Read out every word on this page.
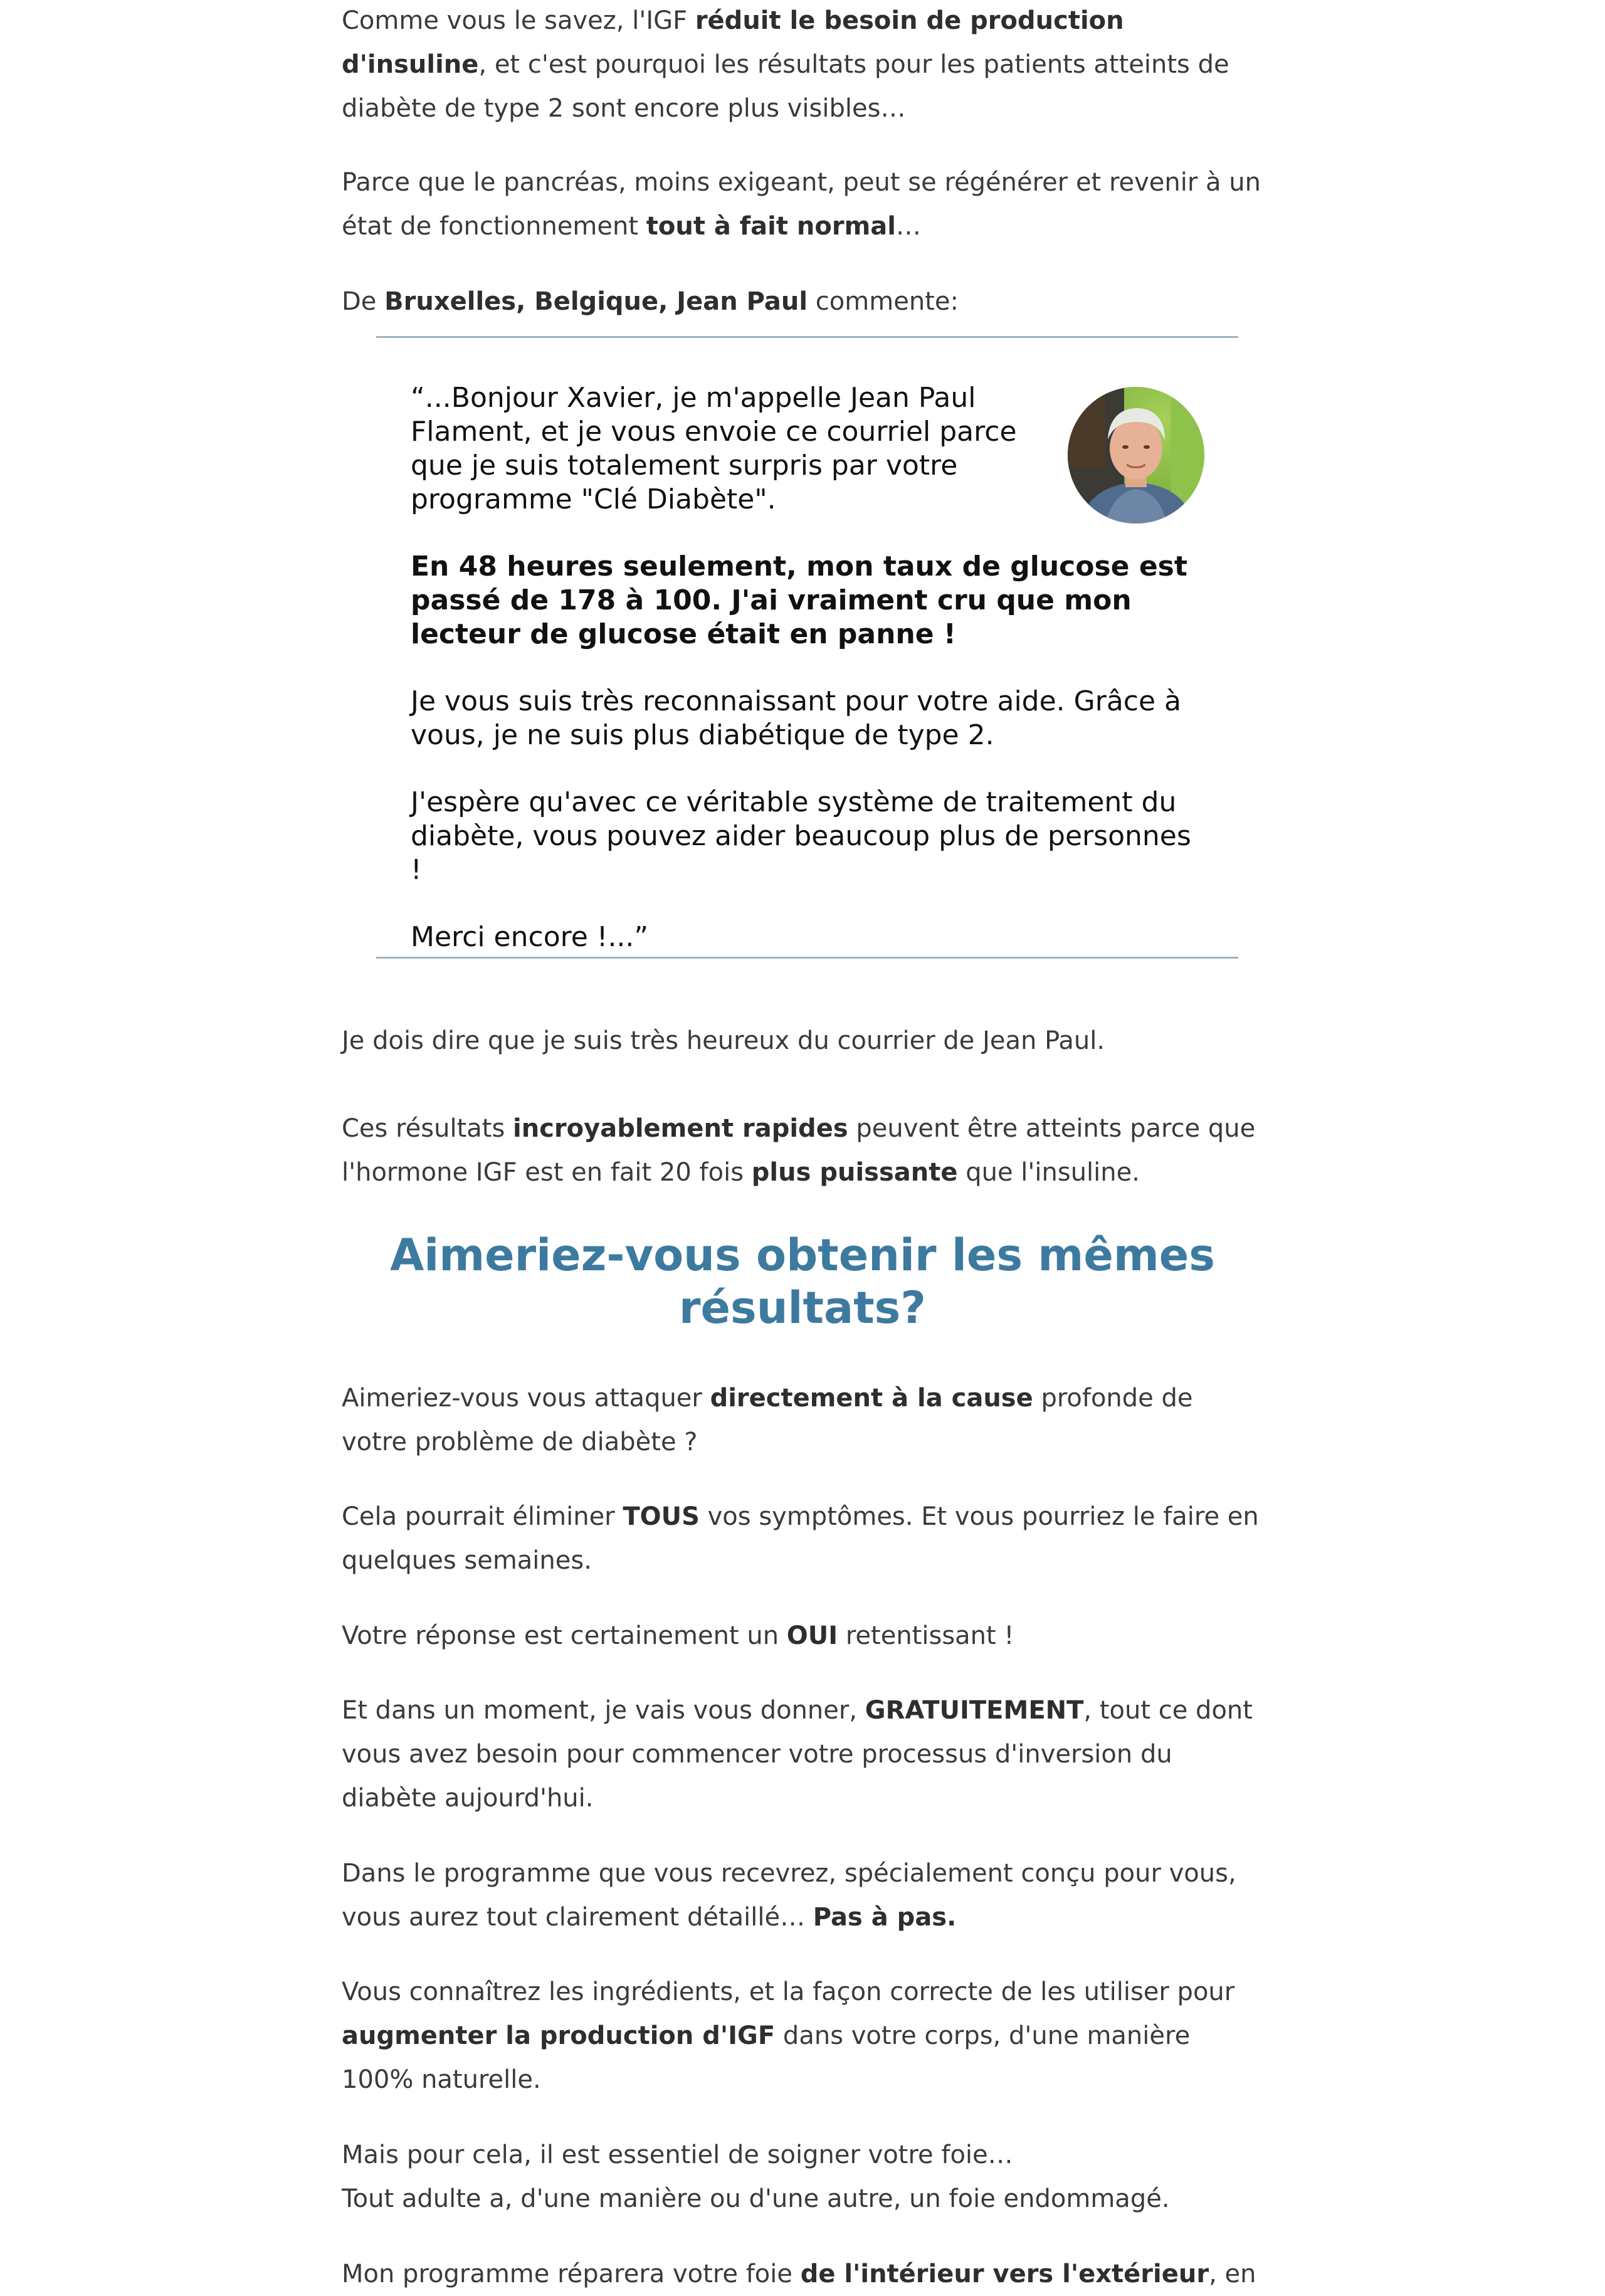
Comme vous le savez, l'IGF réduit le besoin de production d'insuline, et c'est pourquoi les résultats pour les patients atteints de diabète de type 2 sont encore plus visibles…

Parce que le pancréas, moins exigeant, peut se régénérer et revenir à un état de fonctionnement tout à fait normal…

De Bruxelles, Belgique, Jean Paul commente:

“...Bonjour Xavier, je m'appelle Jean Paul Flament, et je vous envoie ce courriel parce que je suis totalement surpris par votre programme "Clé Diabète".

En 48 heures seulement, mon taux de glucose est passé de 178 à 100. J'ai vraiment cru que mon lecteur de glucose était en panne !

Je vous suis très reconnaissant pour votre aide. Grâce à vous, je ne suis plus diabétique de type 2.

J'espère qu'avec ce véritable système de traitement du diabète, vous pouvez aider beaucoup plus de personnes !

Merci encore !...”

Je dois dire que je suis très heureux du courrier de Jean Paul.

Ces résultats incroyablement rapides peuvent être atteints parce que l'hormone IGF est en fait 20 fois plus puissante que l'insuline.

Aimeriez-vous obtenir les mêmes résultats?

Aimeriez-vous vous attaquer directement à la cause profonde de votre problème de diabète ?

Cela pourrait éliminer TOUS vos symptômes. Et vous pourriez le faire en quelques semaines.

Votre réponse est certainement un OUI retentissant !

Et dans un moment, je vais vous donner, GRATUITEMENT, tout ce dont vous avez besoin pour commencer votre processus d'inversion du diabète aujourd'hui.

Dans le programme que vous recevrez, spécialement conçu pour vous, vous aurez tout clairement détaillé… Pas à pas.

Vous connaîtrez les ingrédients, et la façon correcte de les utiliser pour augmenter la production d'IGF dans votre corps, d'une manière 100% naturelle.

Mais pour cela, il est essentiel de soigner votre foie…
Tout adulte a, d'une manière ou d'une autre, un foie endommagé.

Mon programme réparera votre foie de l'intérieur vers l'extérieur, en
